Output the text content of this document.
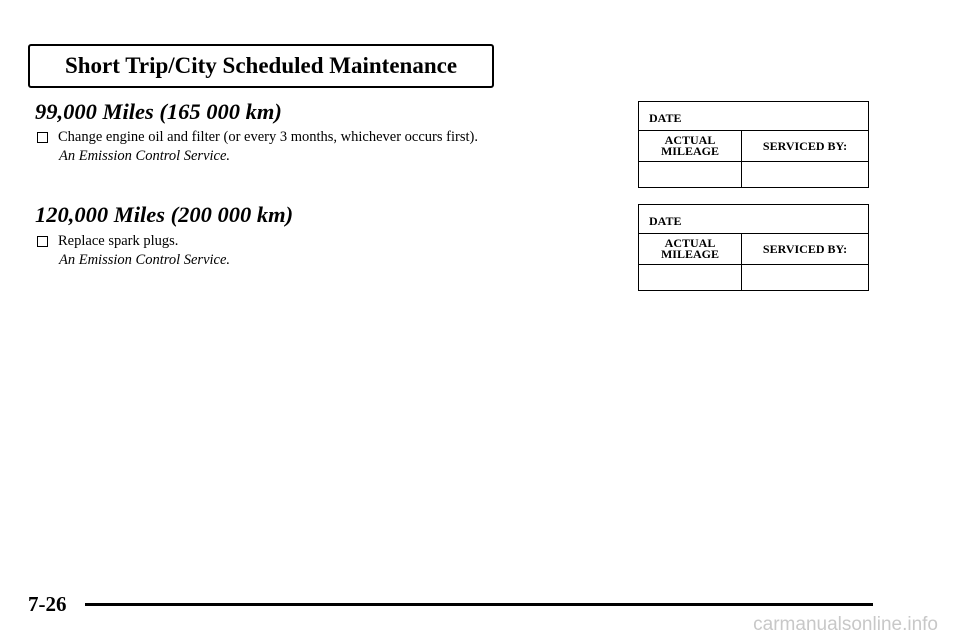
Short Trip/City Scheduled Maintenance
99,000 Miles (165 000 km)
Change engine oil and filter (or every 3 months, whichever occurs first).
An Emission Control Service.
DATE
ACTUAL
MILEAGE	SERVICED BY:
120,000 Miles (200 000 km)
Replace spark plugs.
An Emission Control Service.
DATE
ACTUAL
MILEAGE	SERVICED BY:
7-26
carmanualsonline.info
